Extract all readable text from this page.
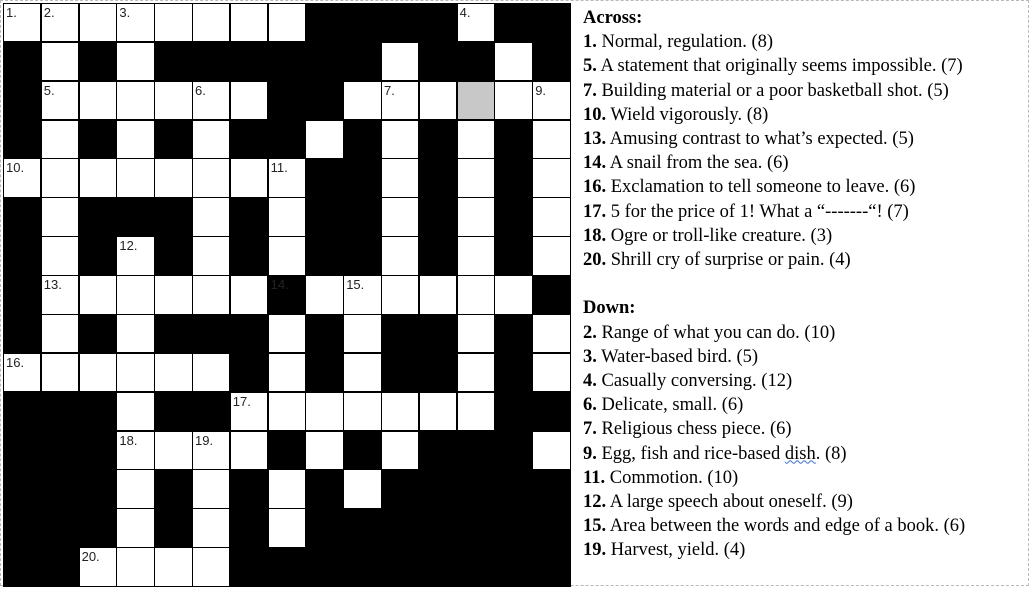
1. 2.	3.	4.
5.	6.	7.	9.
10.	11.
12.
13.	14.	15.
16.
17.
18.	19.
20.
Across:
1. Normal, regulation. (8)
5. A statement that originally seems impossible. (7)
7. Building material or a poor basketball shot. (5)
10. Wield vigorously. (8)
13. Amusing contrast to what’s expected. (5)
14. A snail from the sea. (6)
16. Exclamation to tell someone to leave. (6)
17. 5 for the price of 1! What a “-------“! (7)
18. Ogre or troll-like creature. (3)
20. Shrill cry of surprise or pain. (4)
Down:
2. Range of what you can do. (10)
3. Water-based bird. (5)
4. Casually conversing. (12)
6. Delicate, small. (6)
7. Religious chess piece. (6)
9. Egg, fish and rice-based dish. (8)
11. Commotion. (10)
12. A large speech about oneself. (9)
15. Area between the words and edge of a book. (6)
19. Harvest, yield. (4)
